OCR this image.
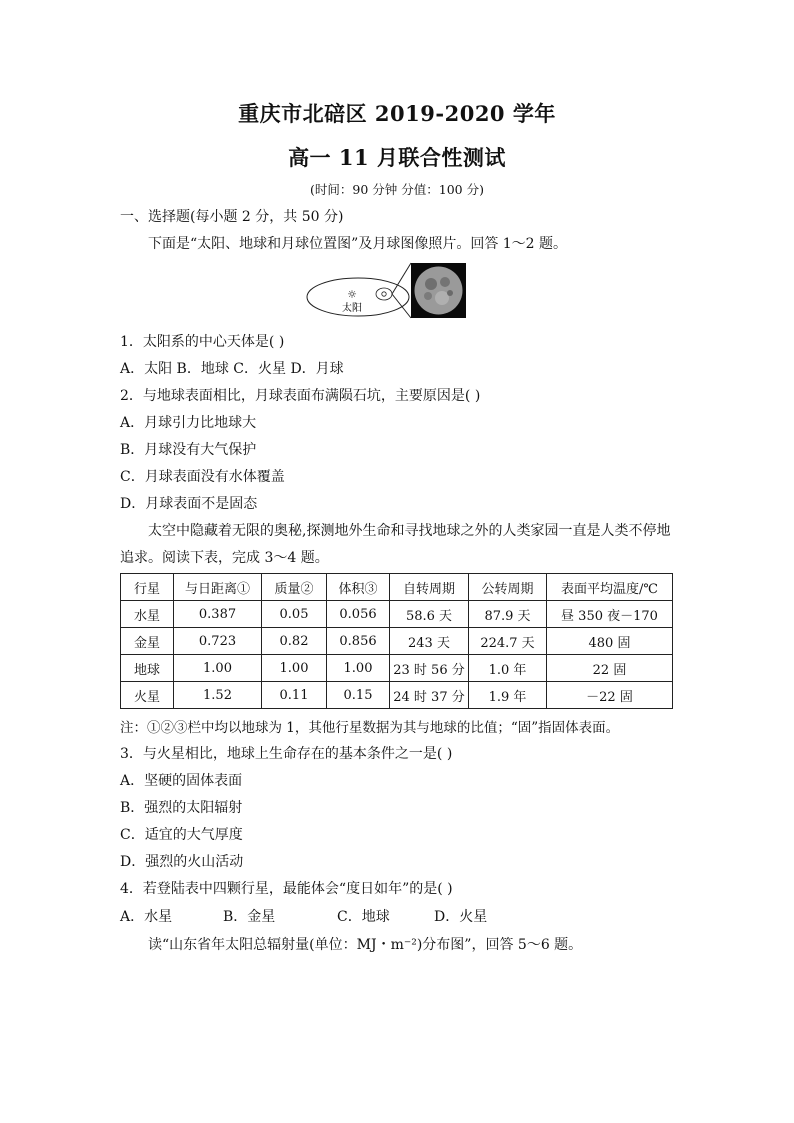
重庆市北碚区 2019-2020 学年
高一 11 月联合性测试
(时间：90 分钟 分值：100 分)
一、选择题(每小题 2 分，共 50 分)
下面是“太阳、地球和月球位置图”及月球图像照片。回答 1～2 题。
☼
太阳
1．太阳系的中心天体是( )
A．太阳 B．地球 C．火星 D．月球
2．与地球表面相比，月球表面布满陨石坑，主要原因是( )
A．月球引力比地球大
B．月球没有大气保护
C．月球表面没有水体覆盖
D．月球表面不是固态
太空中隐藏着无限的奥秘,探测地外生命和寻找地球之外的人类家园一直是人类不停地
追求。阅读下表，完成 3～4 题。
行星	与日距离①	质量②	体积③	自转周期	公转周期	表面平均温度/℃
水星	0.387	0.05	0.056	58.6 天	87.9 天	昼 350 夜－170
金星	0.723	0.82	0.856	243 天	224.7 天	480 固
地球	1.00	1.00	1.00	23 时 56 分	1.0 年	22 固
火星	1.52	0.11	0.15	24 时 37 分	1.9 年	－22 固
注：①②③栏中均以地球为 1，其他行星数据为其与地球的比值；“固”指固体表面。
3．与火星相比，地球上生命存在的基本条件之一是( )
A．坚硬的固体表面
B．强烈的太阳辐射
C．适宜的大气厚度
D．强烈的火山活动
4．若登陆表中四颗行星，最能体会“度日如年”的是( )
A．水星	B．金星	C．地球	D．火星
读“山东省年太阳总辐射量(单位：MJ・m⁻²)分布图”，回答 5～6 题。
